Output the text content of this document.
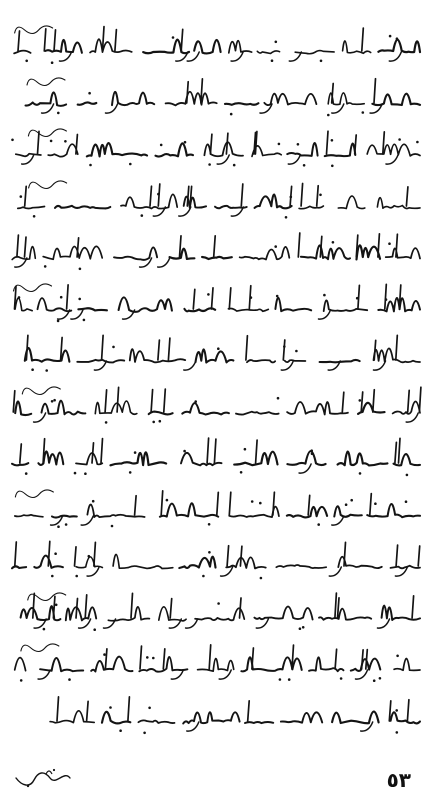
٥٣
